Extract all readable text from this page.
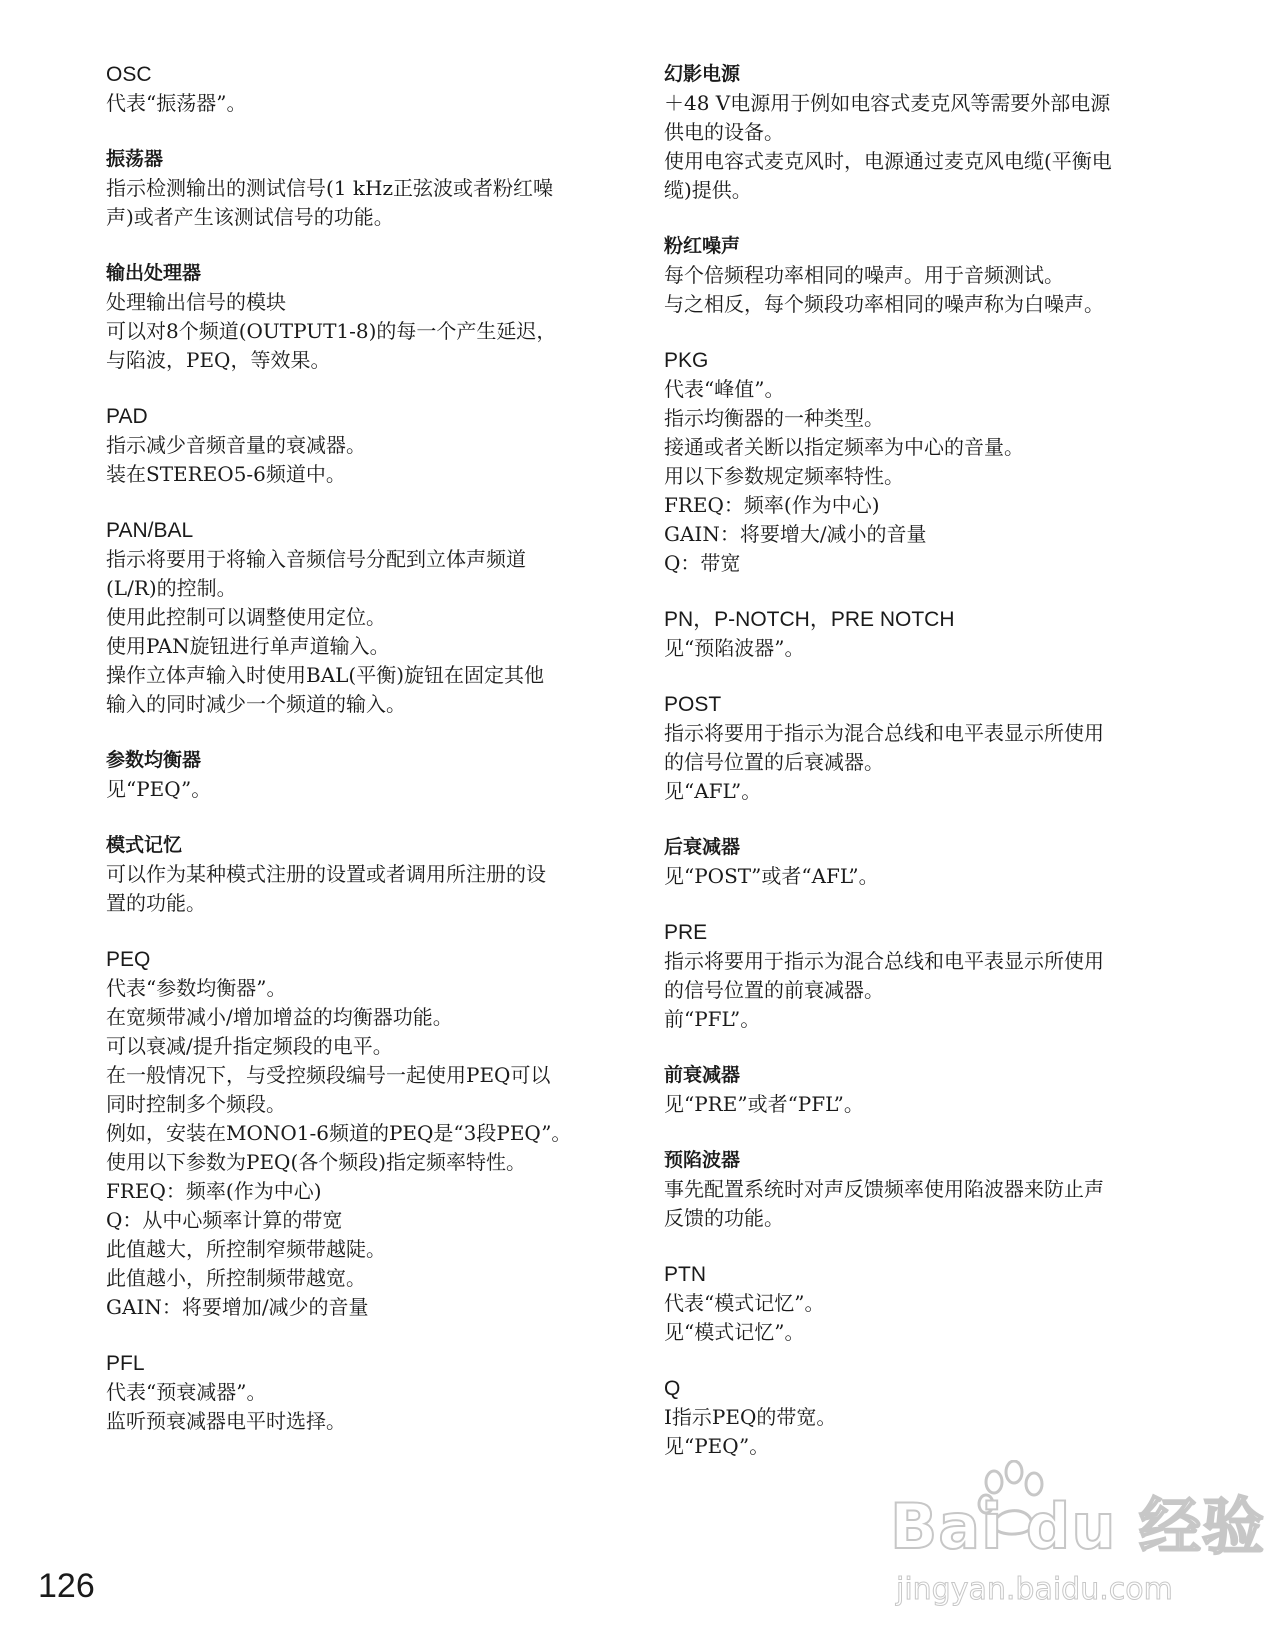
OSC
代表“振荡器”。
振荡器
指示检测输出的测试信号(1 kHz正弦波或者粉红噪
声)或者产生该测试信号的功能。
输出处理器
处理输出信号的模块
可以对8个频道(OUTPUT1-8)的每一个产生延迟，
与陷波，PEQ，等效果。
PAD
指示减少音频音量的衰减器。
装在STEREO5-6频道中。
PAN/BAL
指示将要用于将输入音频信号分配到立体声频道
(L/R)的控制。
使用此控制可以调整使用定位。
使用PAN旋钮进行单声道输入。
操作立体声输入时使用BAL(平衡)旋钮在固定其他
输入的同时减少一个频道的输入。
参数均衡器
见“PEQ”。
模式记忆
可以作为某种模式注册的设置或者调用所注册的设
置的功能。
PEQ
代表“参数均衡器”。
在宽频带减小/增加增益的均衡器功能。
可以衰减/提升指定频段的电平。
在一般情况下，与受控频段编号一起使用PEQ可以
同时控制多个频段。
例如，安装在MONO1-6频道的PEQ是“3段PEQ”。
使用以下参数为PEQ(各个频段)指定频率特性。
FREQ：频率(作为中心)
Q：从中心频率计算的带宽
此值越大，所控制窄频带越陡。
此值越小，所控制频带越宽。
GAIN：将要增加/减少的音量
PFL
代表“预衰减器”。
监听预衰减器电平时选择。
幻影电源
＋48 V电源用于例如电容式麦克风等需要外部电源
供电的设备。
使用电容式麦克风时，电源通过麦克风电缆(平衡电
缆)提供。
粉红噪声
每个倍频程功率相同的噪声。用于音频测试。
与之相反，每个频段功率相同的噪声称为白噪声。
PKG
代表“峰值”。
指示均衡器的一种类型。
接通或者关断以指定频率为中心的音量。
用以下参数规定频率特性。
FREQ：频率(作为中心)
GAIN：将要增大/减小的音量
Q：带宽
PN，P-NOTCH，PRE NOTCH
见“预陷波器”。
POST
指示将要用于指示为混合总线和电平表显示所使用
的信号位置的后衰减器。
见“AFL”。
后衰减器
见“POST”或者“AFL”。
PRE
指示将要用于指示为混合总线和电平表显示所使用
的信号位置的前衰减器。
前“PFL”。
前衰减器
见“PRE”或者“PFL”。
预陷波器
事先配置系统时对声反馈频率使用陷波器来防止声
反馈的功能。
PTN
代表“模式记忆”。
见“模式记忆”。
Q
I指示PEQ的带宽。
见“PEQ”。
126
Bai du 经验
jingyan.baidu.com
